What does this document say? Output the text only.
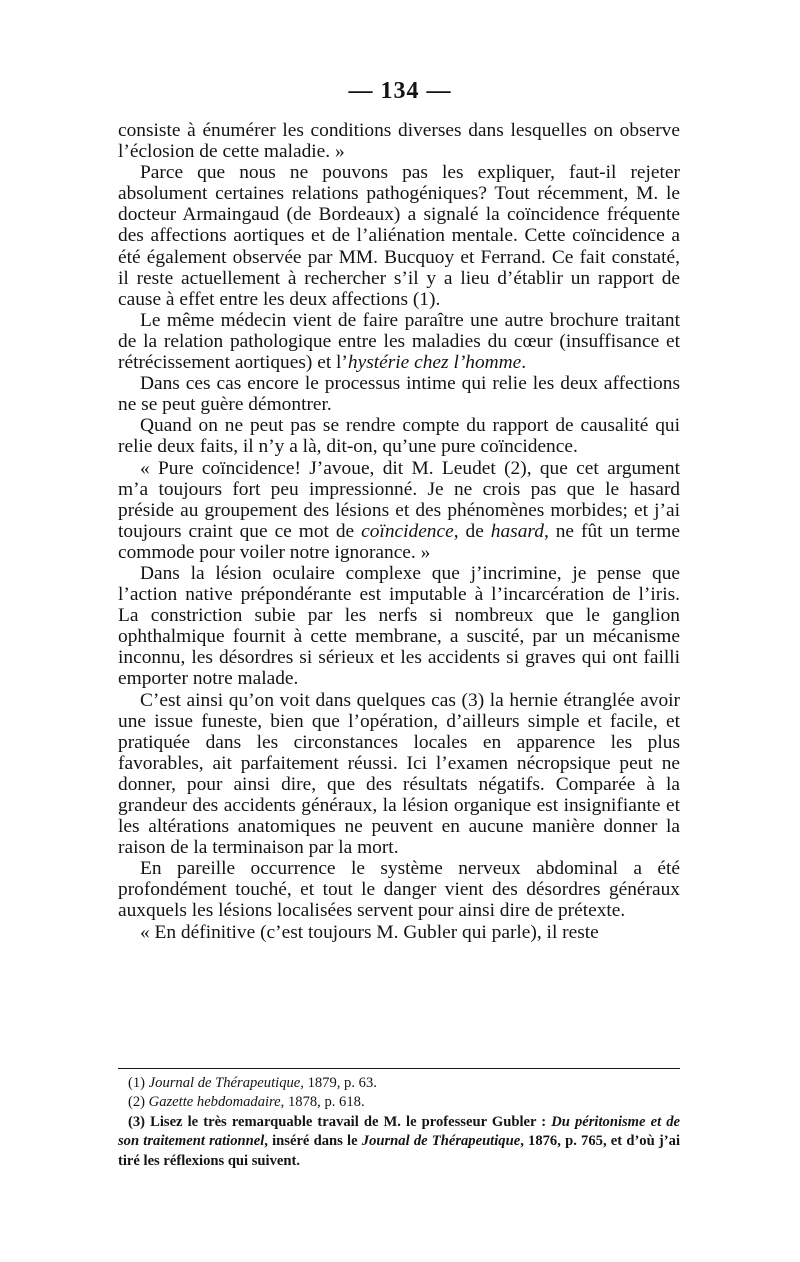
— 134 —

consiste à énumérer les conditions diverses dans lesquelles on observe l’éclosion de cette maladie. »

Parce que nous ne pouvons pas les expliquer, faut-il rejeter absolument certaines relations pathogéniques? Tout récemment, M. le docteur Armaingaud (de Bordeaux) a signalé la coïncidence fréquente des affections aortiques et de l’aliénation mentale. Cette coïncidence a été également observée par MM. Bucquoy et Ferrand. Ce fait constaté, il reste actuellement à rechercher s’il y a lieu d’établir un rapport de cause à effet entre les deux affections (1).

Le même médecin vient de faire paraître une autre brochure traitant de la relation pathologique entre les maladies du cœur (insuffisance et rétrécissement aortiques) et l’hystérie chez l’homme.

Dans ces cas encore le processus intime qui relie les deux affections ne se peut guère démontrer.

Quand on ne peut pas se rendre compte du rapport de causalité qui relie deux faits, il n’y a là, dit-on, qu’une pure coïncidence.

« Pure coïncidence! J’avoue, dit M. Leudet (2), que cet argument m’a toujours fort peu impressionné. Je ne crois pas que le hasard préside au groupement des lésions et des phénomènes morbides; et j’ai toujours craint que ce mot de coïncidence, de hasard, ne fût un terme commode pour voiler notre ignorance. »

Dans la lésion oculaire complexe que j’incrimine, je pense que l’action native prépondérante est imputable à l’incarcération de l’iris. La constriction subie par les nerfs si nombreux que le ganglion ophthalmique fournit à cette membrane, a suscité, par un mécanisme inconnu, les désordres si sérieux et les accidents si graves qui ont failli emporter notre malade.

C’est ainsi qu’on voit dans quelques cas (3) la hernie étranglée avoir une issue funeste, bien que l’opération, d’ailleurs simple et facile, et pratiquée dans les circonstances locales en apparence les plus favorables, ait parfaitement réussi. Ici l’examen nécropsique peut ne donner, pour ainsi dire, que des résultats négatifs. Comparée à la grandeur des accidents généraux, la lésion organique est insignifiante et les altérations anatomiques ne peuvent en aucune manière donner la raison de la terminaison par la mort.

En pareille occurrence le système nerveux abdominal a été profondément touché, et tout le danger vient des désordres généraux auxquels les lésions localisées servent pour ainsi dire de prétexte.

« En définitive (c’est toujours M. Gubler qui parle), il reste

(1) Journal de Thérapeutique, 1879, p. 63.

(2) Gazette hebdomadaire, 1878, p. 618.

(3) Lisez le très remarquable travail de M. le professeur Gubler : Du péritonisme et de son traitement rationnel, inséré dans le Journal de Thérapeutique, 1876, p. 765, et d’où j’ai tiré les réflexions qui suivent.
